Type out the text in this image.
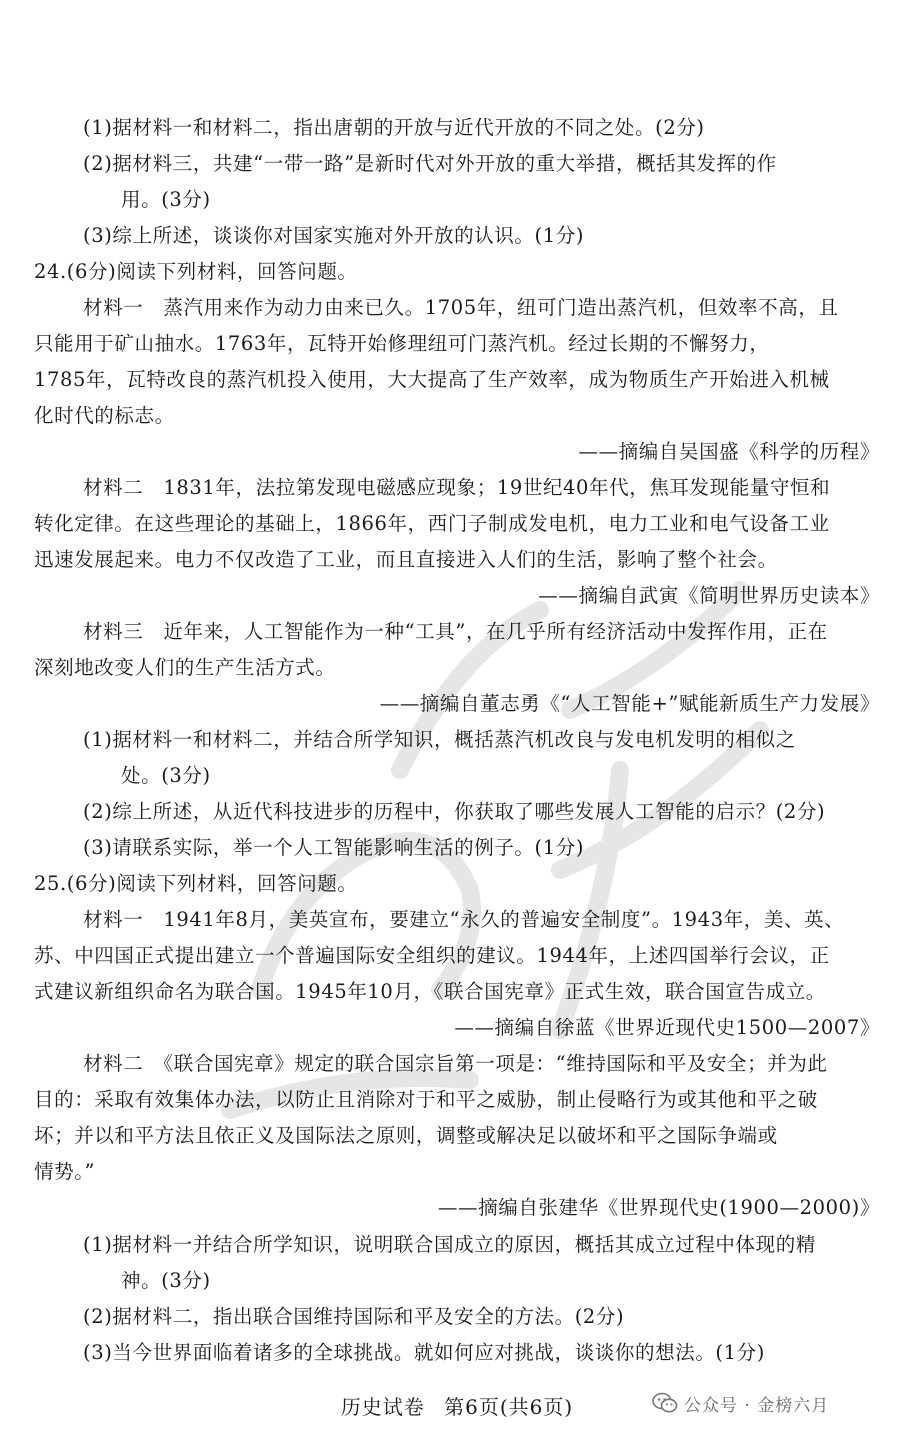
(1)据材料一和材料二，指出唐朝的开放与近代开放的不同之处。(2分)
(2)据材料三，共建“一带一路”是新时代对外开放的重大举措，概括其发挥的作
用。(3分)
(3)综上所述，谈谈你对国家实施对外开放的认识。(1分)
24.(6分)阅读下列材料，回答问题。
材料一　蒸汽用来作为动力由来已久。1705年，纽可门造出蒸汽机，但效率不高，且
只能用于矿山抽水。1763年，瓦特开始修理纽可门蒸汽机。经过长期的不懈努力，
1785年，瓦特改良的蒸汽机投入使用，大大提高了生产效率，成为物质生产开始进入机械
化时代的标志。
材料二　1831年，法拉第发现电磁感应现象；19世纪40年代，焦耳发现能量守恒和
转化定律。在这些理论的基础上，1866年，西门子制成发电机，电力工业和电气设备工业
迅速发展起来。电力不仅改造了工业，而且直接进入人们的生活，影响了整个社会。
材料三　近年来，人工智能作为一种“工具”，在几乎所有经济活动中发挥作用，正在
深刻地改变人们的生产生活方式。
(1)据材料一和材料二，并结合所学知识，概括蒸汽机改良与发电机发明的相似之
处。(3分)
(2)综上所述，从近代科技进步的历程中，你获取了哪些发展人工智能的启示？(2分)
(3)请联系实际，举一个人工智能影响生活的例子。(1分)
25.(6分)阅读下列材料，回答问题。
材料一　1941年8月，美英宣布，要建立“永久的普遍安全制度”。1943年，美、英、
苏、中四国正式提出建立一个普遍国际安全组织的建议。1944年，上述四国举行会议，正
式建议新组织命名为联合国。1945年10月，《联合国宪章》正式生效，联合国宣告成立。
材料二　《联合国宪章》规定的联合国宗旨第一项是：“维持国际和平及安全；并为此
目的：采取有效集体办法，以防止且消除对于和平之威胁，制止侵略行为或其他和平之破
坏；并以和平方法且依正义及国际法之原则，调整或解决足以破坏和平之国际争端或
情势。”
(1)据材料一并结合所学知识，说明联合国成立的原因，概括其成立过程中体现的精
神。(3分)
(2)据材料二，指出联合国维持国际和平及安全的方法。(2分)
(3)当今世界面临着诸多的全球挑战。就如何应对挑战，谈谈你的想法。(1分)
——摘编自吴国盛《科学的历程》
——摘编自武寅《简明世界历史读本》
——摘编自董志勇《“人工智能+”赋能新质生产力发展》
——摘编自徐蓝《世界近现代史1500—2007》
——摘编自张建华《世界现代史(1900—2000)》
历史试卷 第6页(共6页)	公众号 · 金榜六月
